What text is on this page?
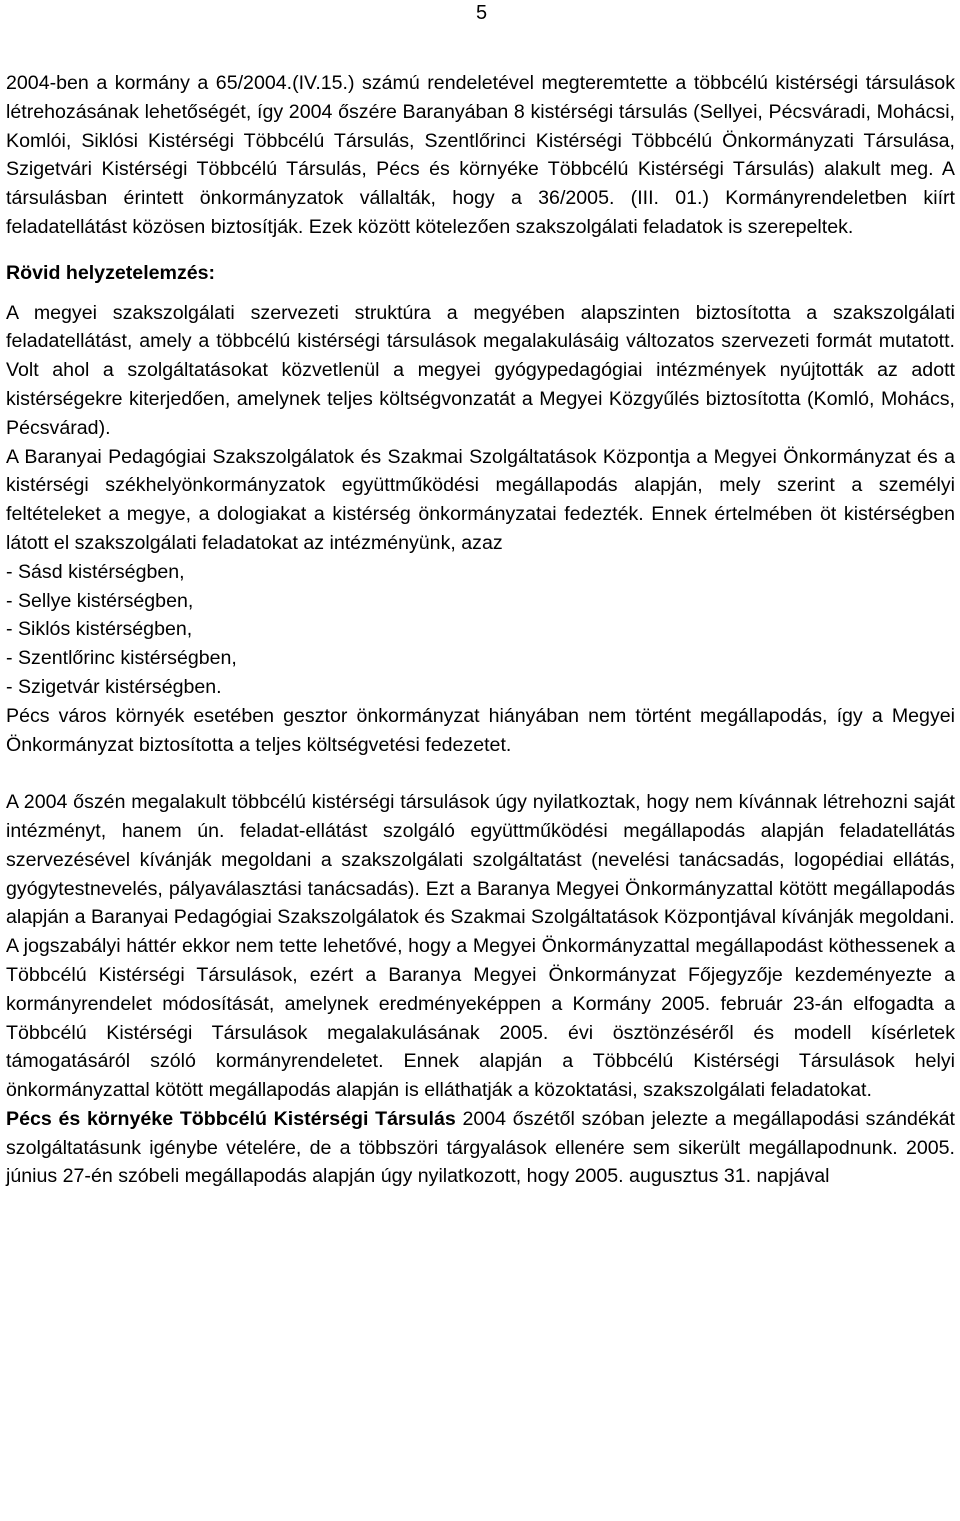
5

2004-ben a kormány a 65/2004.(IV.15.) számú rendeletével megteremtette a többcélú kistérségi társulások létrehozásának lehetőségét, így 2004 őszére Baranyában 8 kistérségi társulás (Sellyei, Pécsváradi, Mohácsi, Komlói, Siklósi Kistérségi Többcélú Társulás, Szentlőrinci Kistérségi Többcélú Önkormányzati Társulása, Szigetvári Kistérségi Többcélú Társulás, Pécs és környéke Többcélú Kistérségi Társulás) alakult meg. A társulásban érintett önkormányzatok vállalták, hogy a 36/2005. (III. 01.) Kormányrendeletben kiírt feladatellátást közösen biztosítják. Ezek között kötelezően szakszolgálati feladatok is szerepeltek.

Rövid helyzetelemzés:

A megyei szakszolgálati szervezeti struktúra a megyében alapszinten biztosította a szakszolgálati feladatellátást, amely a többcélú kistérségi társulások megalakulásáig változatos szervezeti formát mutatott. Volt ahol a szolgáltatásokat közvetlenül a megyei gyógypedagógiai intézmények nyújtották az adott kistérségekre kiterjedően, amelynek teljes költségvonzatát a Megyei Közgyűlés biztosította (Komló, Mohács, Pécsvárad).

A Baranyai Pedagógiai Szakszolgálatok és Szakmai Szolgáltatások Központja a Megyei Önkormányzat és a kistérségi székhelyönkormányzatok együttműködési megállapodás alapján, mely szerint a személyi feltételeket a megye, a dologiakat a kistérség önkormányzatai fedezték. Ennek értelmében öt kistérségben látott el szakszolgálati feladatokat az intézményünk, azaz

- Sásd kistérségben,
- Sellye kistérségben,
- Siklós kistérségben,
- Szentlőrinc kistérségben,
- Szigetvár kistérségben.

Pécs város környék esetében gesztor önkormányzat hiányában nem történt megállapodás, így a Megyei Önkormányzat biztosította a teljes költségvetési fedezetet.

A 2004 őszén megalakult többcélú kistérségi társulások úgy nyilatkoztak, hogy nem kívánnak létrehozni saját intézményt, hanem ún. feladat-ellátást szolgáló együttműködési megállapodás alapján feladatellátás szervezésével kívánják megoldani a szakszolgálati szolgáltatást (nevelési tanácsadás, logopédiai ellátás, gyógytestnevelés, pályaválasztási tanácsadás). Ezt a Baranya Megyei Önkormányzattal kötött megállapodás alapján a Baranyai Pedagógiai Szakszolgálatok és Szakmai Szolgáltatások Központjával kívánják megoldani.

A jogszabályi háttér ekkor nem tette lehetővé, hogy a Megyei Önkormányzattal megállapodást köthessenek a Többcélú Kistérségi Társulások, ezért a Baranya Megyei Önkormányzat Főjegyzője kezdeményezte a kormányrendelet módosítását, amelynek eredményeképpen a Kormány 2005. február 23-án elfogadta a Többcélú Kistérségi Társulások megalakulásának 2005. évi ösztönzéséről és modell kísérletek támogatásáról szóló kormányrendeletet. Ennek alapján a Többcélú Kistérségi Társulások helyi önkormányzattal kötött megállapodás alapján is elláthatják a közoktatási, szakszolgálati feladatokat.

Pécs és környéke Többcélú Kistérségi Társulás 2004 őszétől szóban jelezte a megállapodási szándékát szolgáltatásunk igénybe vételére, de a többszöri tárgyalások ellenére sem sikerült megállapodnunk. 2005. június 27-én szóbeli megállapodás alapján úgy nyilatkozott, hogy 2005. augusztus 31. napjával
